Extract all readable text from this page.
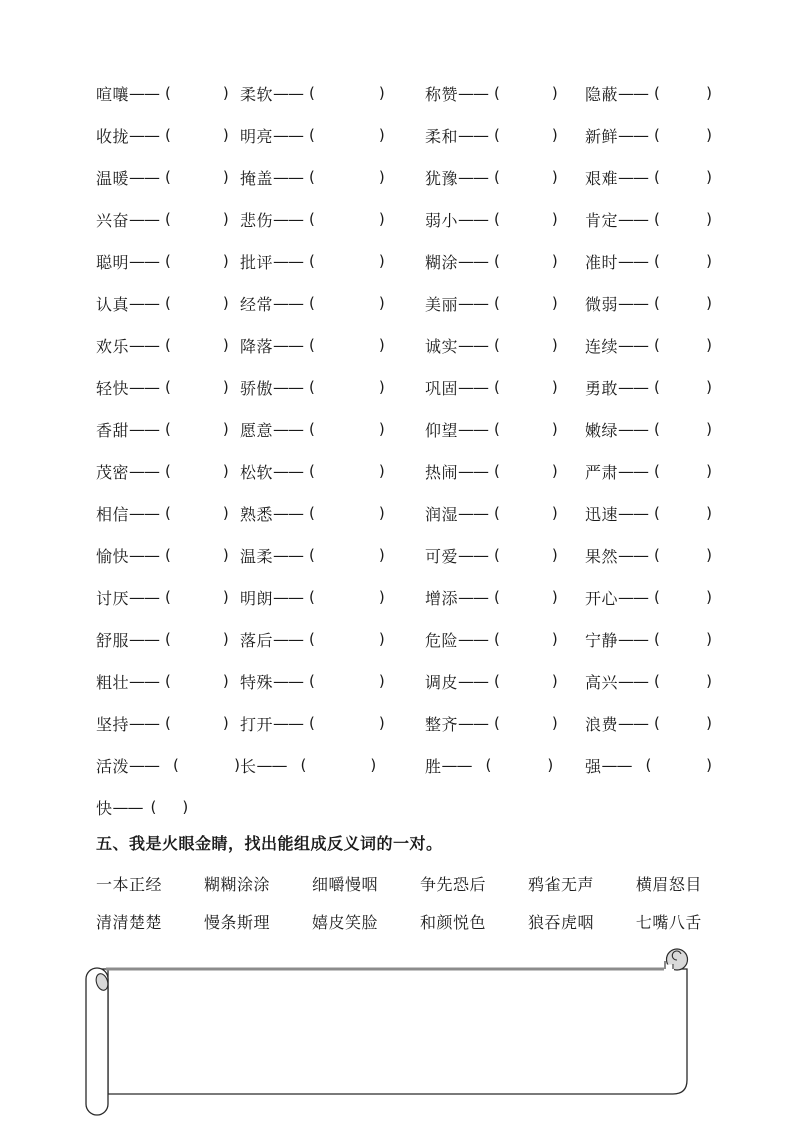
喧嚷 —— (	) 柔软 —— (	)	称赞 —— (	) 隐蔽 —— (	)
收拢 —— (	) 明亮 —— (	)	柔和 —— (	) 新鲜 —— (	)
温暖 —— (	) 掩盖 —— (	)	犹豫 —— (	) 艰难 —— (	)
兴奋 —— (	) 悲伤 —— (	)	弱小 —— (	) 肯定 —— (	)
聪明 —— (	) 批评 —— (	)	糊涂 —— (	) 准时 —— (	)
认真 —— (	) 经常 —— (	)	美丽 —— (	) 微弱 —— (	)
欢乐 —— (	) 降落 —— (	)	诚实 —— (	) 连续 —— (	)
轻快 —— (	) 骄傲 —— (	)	巩固 —— (	) 勇敢 —— (	)
香甜 —— (	) 愿意 —— (	)	仰望 —— (	) 嫩绿 —— (	)
茂密 —— (	) 松软 —— (	)	热闹 —— (	) 严肃 —— (	)
相信 —— (	) 熟悉 —— (	)	润湿 —— (	) 迅速 —— (	)
愉快 —— (	) 温柔 —— (	)	可爱 —— (	) 果然 —— (	)
讨厌 —— (	) 明朗 —— (	)	增添 —— (	) 开心 —— (	)
舒服 —— (	) 落后 —— (	)	危险 —— (	) 宁静 —— (	)
粗壮 —— (	) 特殊 —— (	)	调皮 —— (	) 高兴 —— (	)
坚持 —— (	) 打开 —— (	)	整齐 —— (	) 浪费 —— (	)
活泼 —— (	) 长 —— (	)	胜 —— (	) 强 —— (	)
快 —— ( )
五、我是火眼金睛，找出能组成反义词的一对。
一本正经	糊糊涂涂	细嚼慢咽	争先恐后	鸦雀无声	横眉怒目
清清楚楚	慢条斯理	嬉皮笑脸	和颜悦色	狼吞虎咽	七嘴八舌
